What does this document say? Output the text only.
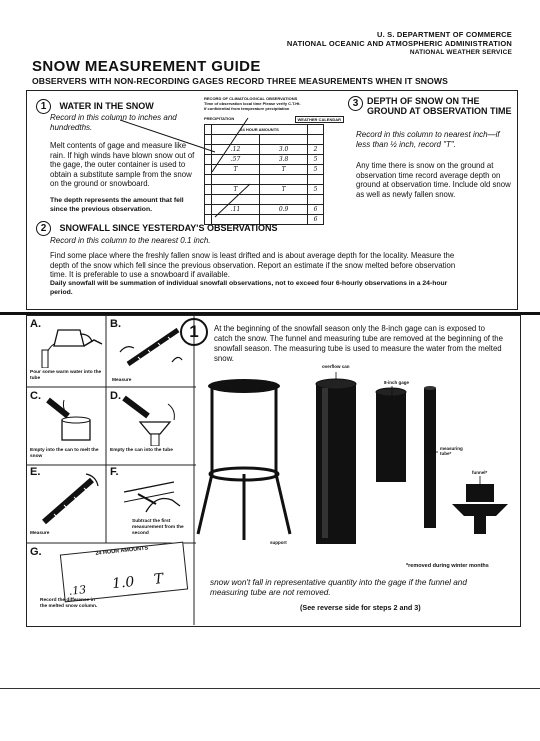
U. S. DEPARTMENT OF COMMERCE
NATIONAL OCEANIC AND ATMOSPHERIC ADMINISTRATION
NATIONAL WEATHER SERVICE
SNOW MEASUREMENT GUIDE
OBSERVERS WITH NON-RECORDING GAGES RECORD THREE MEASUREMENTS WHEN IT SNOWS
1 WATER IN THE SNOW
Record in this column to inches and hundredths.
Melt contents of gage and measure like rain. If high winds have blown snow out of the gage, the outer container is used to obtain a substitute sample from the snow on the ground or snowboard.
The depth represents the amount that fell since the previous observation.
RECORD OF CLIMATOLOGICAL OBSERVATIONS
Time of observation local time Please verify C.T.Ht.
If confidential from temperature precipitation
PRECIPITATION	WEATHER CALENDAR
	24 HOUR AMOUNTS		

	.12	3.0	2
	.57	3.8	5
	T	T	5

	T	T	5

	.11	0.9	6
			6
3 DEPTH OF SNOW ON THE GROUND AT OBSERVATION TIME
Record in this column to nearest inch—if less than ½ inch, record "T".
Any time there is snow on the ground at observation time record average depth on ground at observation time. Include old snow as well as newly fallen snow.
2 SNOWFALL SINCE YESTERDAY'S OBSERVATIONS
Record in this column to the nearest 0.1 inch.
Find some place where the freshly fallen snow is least drifted and is about average depth for the locality. Measure the depth of the snow which fell since the previous observation. Report an estimate if the snow melted before observation time. It is preferable to use a snowboard if available.
Daily snowfall will be summation of individual snowfall observations, not to exceed four 6-hourly observations in a 24-hour period.
A.
Pour some warm water into the tube
B.
Measure
C.
Empty into the can to melt the snow
D.
Empty the can into the tube
E.
Measure
F.
Subtract the first measurement from the second
G.	24 HOUR AMOUNTS
.13 1.0 T
Record the difference in the melted snow column.
1	At the beginning of the snowfall season only the 8-inch gage can is exposed to catch the snow. The funnel and measuring tube are removed at the beginning of the snowfall season. The measuring tube is used to measure the water from the melted snow.
overflow can
8-inch gage
measuring tube*
funnel*
support
*removed during winter months
snow won't fall in representative quantity into the gage if the funnel and measuring tube are not removed.
(See reverse side for steps 2 and 3)
